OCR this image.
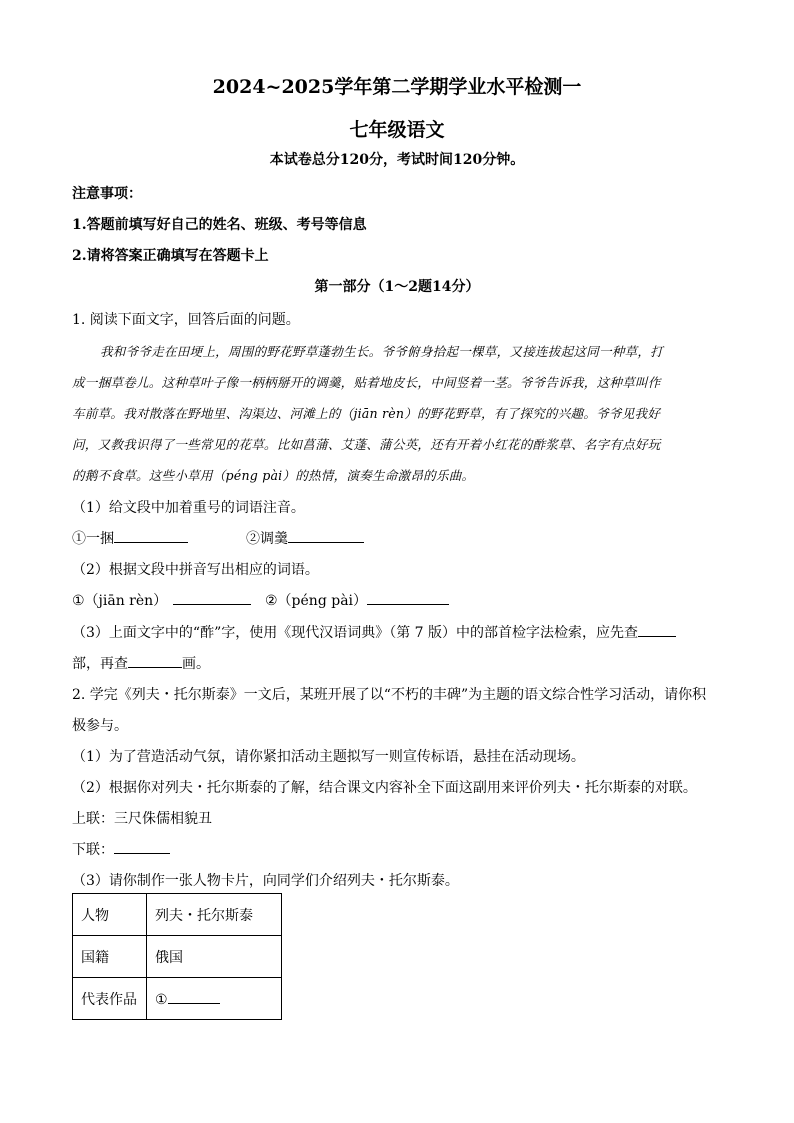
2024~2025学年第二学期学业水平检测一
七年级语文
本试卷总分120分，考试时间120分钟。
注意事项：
1.答题前填写好自己的姓名、班级、考号等信息
2.请将答案正确填写在答题卡上
第一部分（1～2题14分）
1. 阅读下面文字，回答后面的问题。
我和爷爷走在田埂上，周围的野花野草蓬勃生长。爷爷俯身拾起一棵草，又接连拔起这同一种草，打
成一捆草卷儿。这种草叶子像一柄柄掰开的调羹，贴着地皮长，中间竖着一茎。爷爷告诉我，这种草叫作
车前草。我对散落在野地里、沟渠边、河滩上的（jiān rèn）的野花野草，有了探究的兴趣。爷爷见我好
问，又教我识得了一些常见的花草。比如菖蒲、艾蓬、蒲公英，还有开着小红花的酢浆草、名字有点好玩
的鹅不食草。这些小草用（péng pài）的热情，演奏生命激昂的乐曲。
（1）给文段中加着重号的词语注音。
①一捆	②调羹
（2）根据文段中拼音写出相应的词语。
①（jiān rèn）	②（péng pài）
（3）上面文字中的“酢”字，使用《现代汉语词典》（第 7 版）中的部首检字法检索，应先查
部，再查	画。
2. 学完《列夫・托尔斯泰》一文后，某班开展了以“不朽的丰碑”为主题的语文综合性学习活动，请你积
极参与。
（1）为了营造活动气氛，请你紧扣活动主题拟写一则宣传标语，悬挂在活动现场。
（2）根据你对列夫・托尔斯泰的了解，结合课文内容补全下面这副用来评价列夫・托尔斯泰的对联。
上联：三尺侏儒相貌丑
下联：
（3）请你制作一张人物卡片，向同学们介绍列夫・托尔斯泰。
人物	列夫・托尔斯泰
国籍	俄国
代表作品	①
